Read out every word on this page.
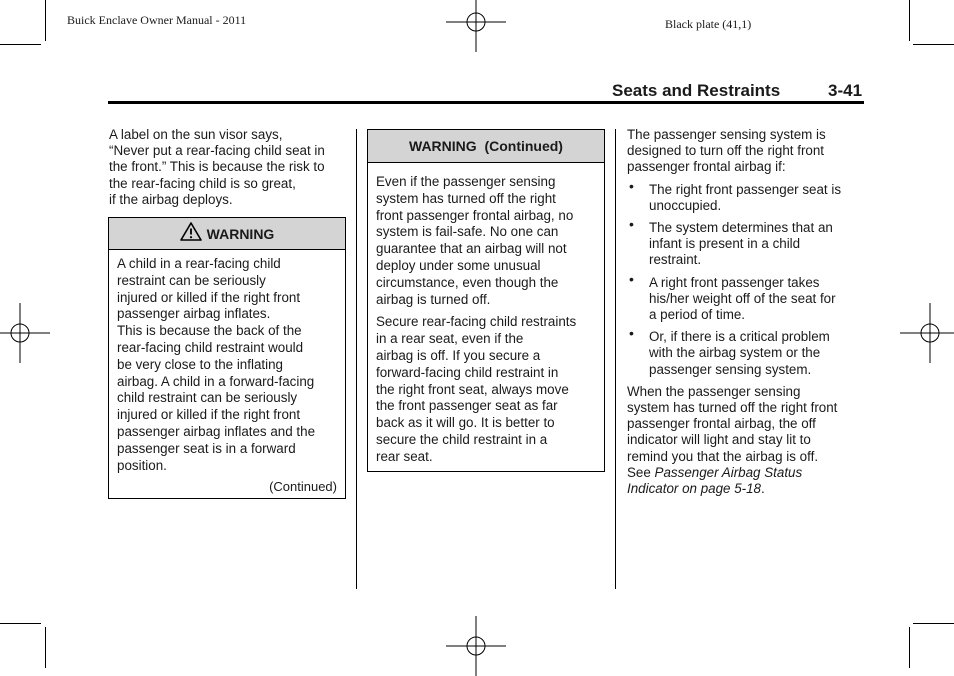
Buick Enclave Owner Manual - 2011	Black plate (41,1)
Seats and Restraints	3-41
A label on the sun visor says,
“Never put a rear-facing child seat in
the front.” This is because the risk to
the rear-facing child is so great,
if the airbag deploys.
WARNING
A child in a rear-facing child
restraint can be seriously
injured or killed if the right front
passenger airbag inflates.
This is because the back of the
rear-facing child restraint would
be very close to the inflating
airbag. A child in a forward-facing
child restraint can be seriously
injured or killed if the right front
passenger airbag inflates and the
passenger seat is in a forward
position.
(Continued)
WARNING  (Continued)

Even if the passenger sensing
system has turned off the right
front passenger frontal airbag, no
system is fail-safe. No one can
guarantee that an airbag will not
deploy under some unusual
circumstance, even though the
airbag is turned off.

Secure rear-facing child restraints
in a rear seat, even if the
airbag is off. If you secure a
forward-facing child restraint in
the right front seat, always move
the front passenger seat as far
back as it will go. It is better to
secure the child restraint in a
rear seat.

The passenger sensing system is
designed to turn off the right front
passenger frontal airbag if:
• The right front passenger seat is
unoccupied.
• The system determines that an
infant is present in a child
restraint.
• A right front passenger takes
his/her weight off of the seat for
a period of time.
• Or, if there is a critical problem
with the airbag system or the
passenger sensing system.
When the passenger sensing
system has turned off the right front
passenger frontal airbag, the off
indicator will light and stay lit to
remind you that the airbag is off.
See Passenger Airbag Status
Indicator on page 5-18.
